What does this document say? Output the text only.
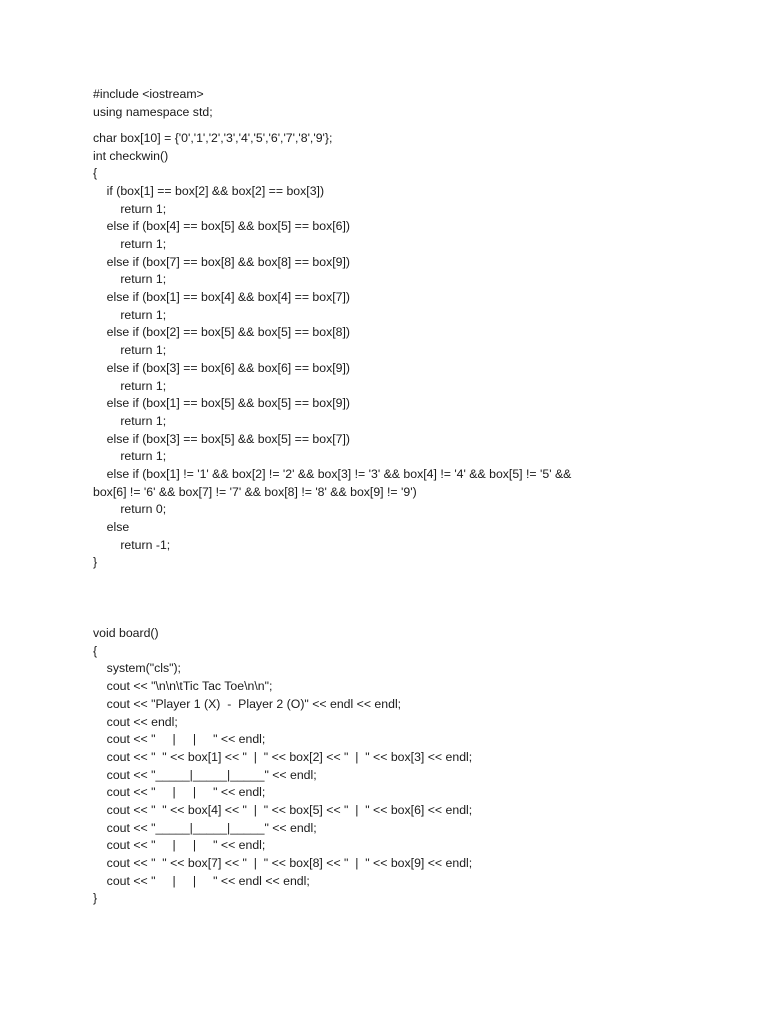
#include <iostream>
using namespace std;
char box[10] = {'0','1','2','3','4','5','6','7','8','9'};
int checkwin()
{
if (box[1] == box[2] && box[2] == box[3])
return 1;
else if (box[4] == box[5] && box[5] == box[6])
return 1;
else if (box[7] == box[8] && box[8] == box[9])
return 1;
else if (box[1] == box[4] && box[4] == box[7])
return 1;
else if (box[2] == box[5] && box[5] == box[8])
return 1;
else if (box[3] == box[6] && box[6] == box[9])
return 1;
else if (box[1] == box[5] && box[5] == box[9])
return 1;
else if (box[3] == box[5] && box[5] == box[7])
return 1;
else if (box[1] != '1' && box[2] != '2' && box[3] != '3' && box[4] != '4' && box[5] != '5' &&
box[6] != '6' && box[7] != '7' && box[8] != '8' && box[9] != '9')
return 0;
else
return -1;
}
void board()
{
system("cls");
cout << "\n\n\tTic Tac Toe\n\n";
cout << "Player 1 (X)  -  Player 2 (O)" << endl << endl;
cout << endl;
cout << "     |     |     " << endl;
cout << "  " << box[1] << "  |  " << box[2] << "  |  " << box[3] << endl;
cout << "_____|_____|_____" << endl;
cout << "     |     |     " << endl;
cout << "  " << box[4] << "  |  " << box[5] << "  |  " << box[6] << endl;
cout << "_____|_____|_____" << endl;
cout << "     |     |     " << endl;
cout << "  " << box[7] << "  |  " << box[8] << "  |  " << box[9] << endl;
cout << "     |     |     " << endl << endl;
}
